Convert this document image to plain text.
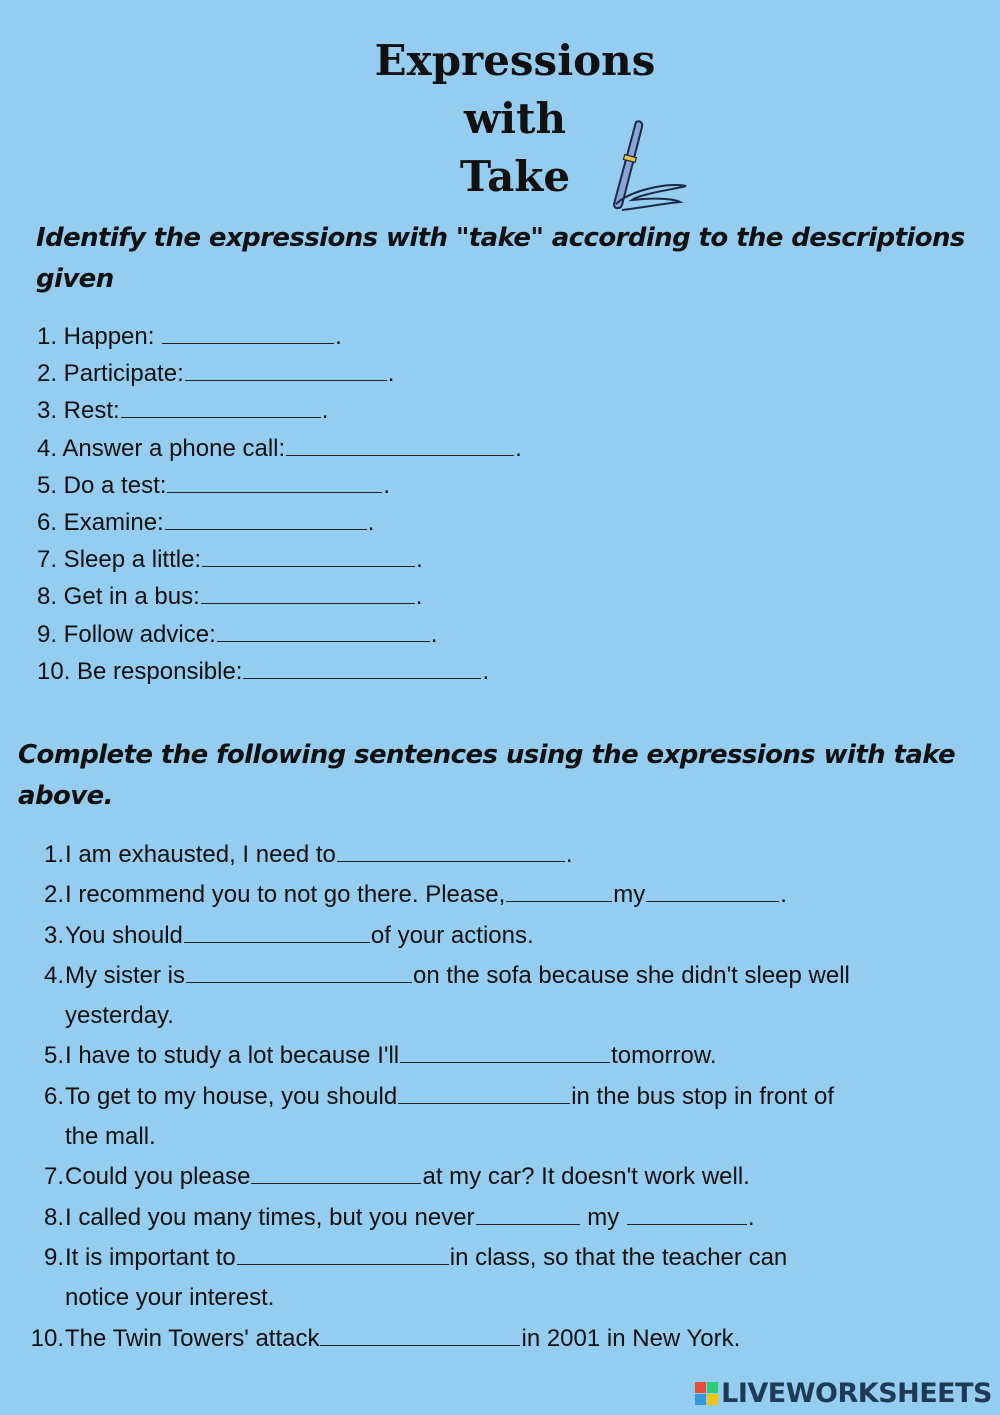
Expressions
with
Take
Identify the expressions with "take" according to the descriptions given
1. Happen:	.
2. Participate:	.
3. Rest:	.
4. Answer a phone call:	.
5. Do a test:	.
6. Examine:	.
7. Sleep a little:	.
8. Get in a bus:	.
9. Follow advice:	.
10. Be responsible:	.
Complete the following sentences using the expressions with take above.
1. I am exhausted, I need to	.
2. I recommend you to not go there. Please,	my	.
3. You should	of your actions.
4. My sister is	on the sofa because she didn't sleep well
yesterday.
5. I have to study a lot because I'll	tomorrow.
6. To get to my house, you should	in the bus stop in front of
the mall.
7. Could you please	at my car? It doesn't work well.
8. I called you many times, but you never	my	.
9. It is important to	in class, so that the teacher can
notice your interest.
10. The Twin Towers' attack	in 2001 in New York.
LIVEWORKSHEETS
